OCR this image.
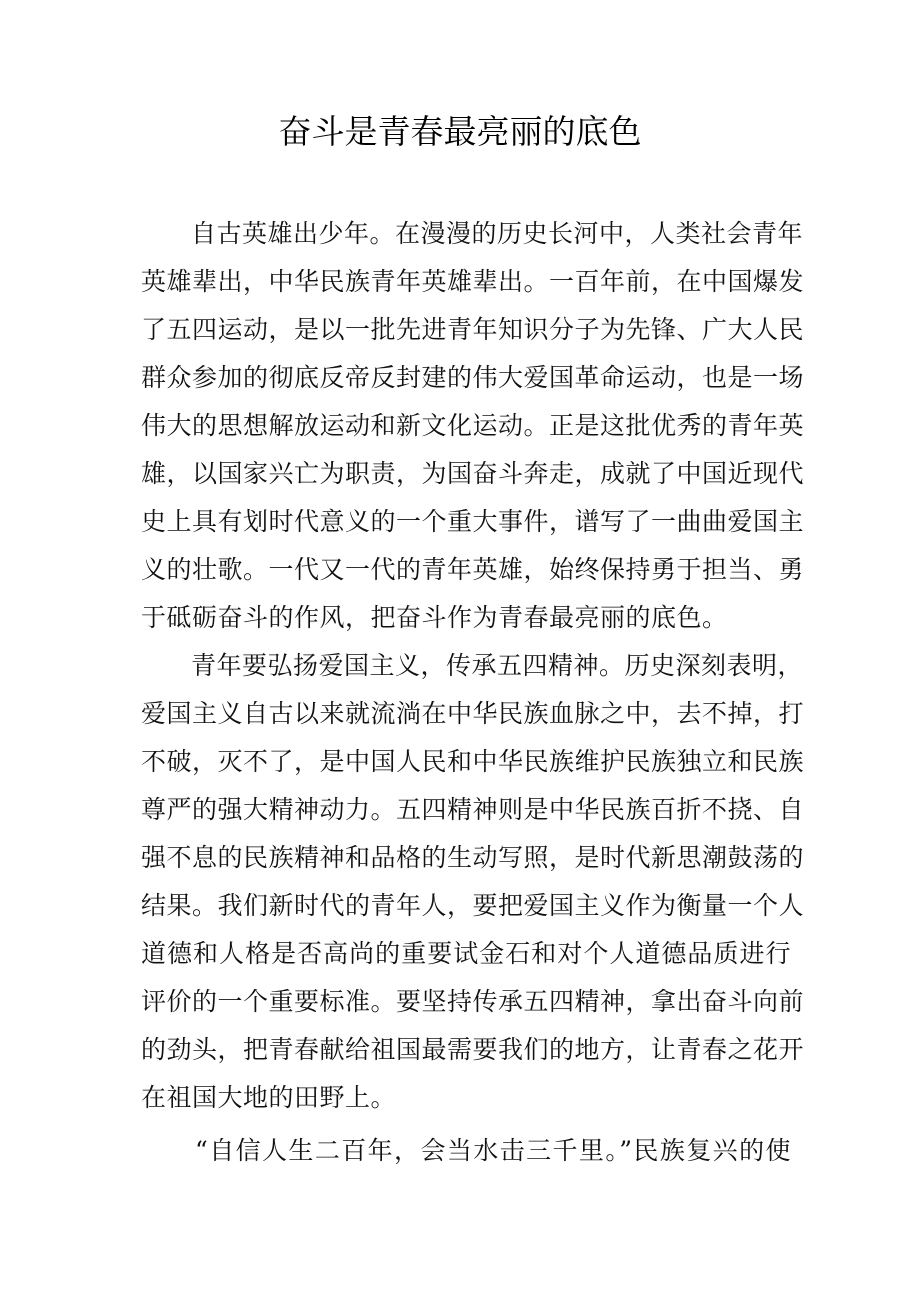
奋斗是青春最亮丽的底色

自古英雄出少年。在漫漫的历史长河中，人类社会青年

英雄辈出，中华民族青年英雄辈出。一百年前，在中国爆发

了五四运动，是以一批先进青年知识分子为先锋、广大人民

群众参加的彻底反帝反封建的伟大爱国革命运动，也是一场

伟大的思想解放运动和新文化运动。正是这批优秀的青年英

雄，以国家兴亡为职责，为国奋斗奔走，成就了中国近现代

史上具有划时代意义的一个重大事件，谱写了一曲曲爱国主

义的壮歌。一代又一代的青年英雄，始终保持勇于担当、勇

于砥砺奋斗的作风，把奋斗作为青春最亮丽的底色。

青年要弘扬爱国主义，传承五四精神。历史深刻表明，

爱国主义自古以来就流淌在中华民族血脉之中，去不掉，打

不破，灭不了，是中国人民和中华民族维护民族独立和民族

尊严的强大精神动力。五四精神则是中华民族百折不挠、自

强不息的民族精神和品格的生动写照，是时代新思潮鼓荡的

结果。我们新时代的青年人，要把爱国主义作为衡量一个人

道德和人格是否高尚的重要试金石和对个人道德品质进行

评价的一个重要标准。要坚持传承五四精神，拿出奋斗向前

的劲头，把青春献给祖国最需要我们的地方，让青春之花开

在祖国大地的田野上。

“自信人生二百年，会当水击三千里。”民族复兴的使
